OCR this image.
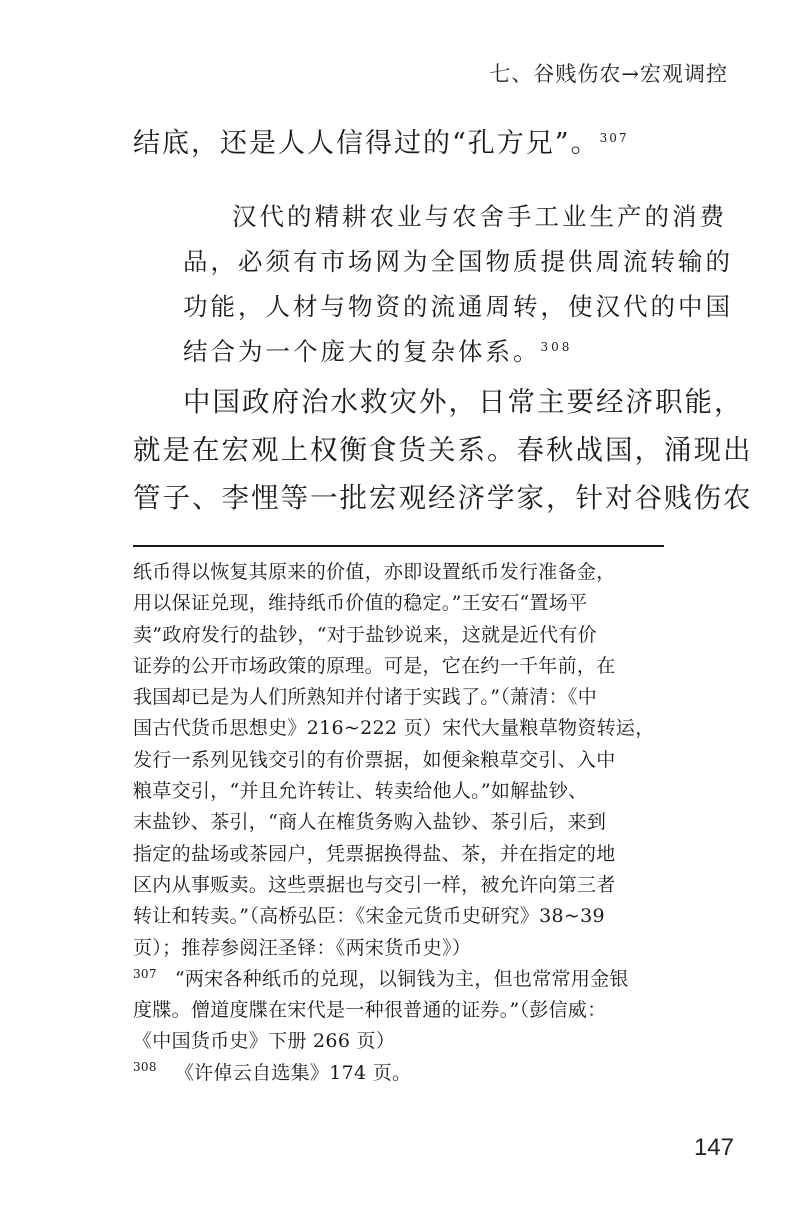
七、谷贱伤农→宏观调控

结底，还是人人信得过的“孔方兄”。$^{307}$

汉代的精耕农业与农舍手工业生产的消费

品，必须有市场网为全国物质提供周流转输的

功能，人材与物资的流通周转，使汉代的中国

结合为一个庞大的复杂体系。$^{308}$

中国政府治水救灾外，日常主要经济职能，

就是在宏观上权衡食货关系。春秋战国，涌现出

管子、李悝等一批宏观经济学家，针对谷贱伤农

纸币得以恢复其原来的价值，亦即设置纸币发行准备金，

用以保证兑现，维持纸币价值的稳定。”王安石“置场平

卖”政府发行的盐钞，“对于盐钞说来，这就是近代有价

证券的公开市场政策的原理。可是，它在约一千年前，在

我国却已是为人们所熟知并付诸于实践了。”（萧清：《中

国古代货币思想史》216~222 页）宋代大量粮草物资转运，

发行一系列见钱交引的有价票据，如便籴粮草交引、入中

粮草交引，“并且允许转让、转卖给他人。”如解盐钞、

末盐钞、茶引，“商人在榷货务购入盐钞、茶引后，来到

指定的盐场或茶园户，凭票据换得盐、茶，并在指定的地

区内从事贩卖。这些票据也与交引一样，被允许向第三者

转让和转卖。”（高桥弘臣：《宋金元货币史研究》38~39

页）；推荐参阅汪圣铎：《两宋货币史》）

$^{307}$ “两宋各种纸币的兑现，以铜钱为主，但也常常用金银

度牒。僧道度牒在宋代是一种很普通的证券。”（彭信威：

《中国货币史》下册 266 页）

$^{308}$ 《许倬云自选集》174 页。

147
